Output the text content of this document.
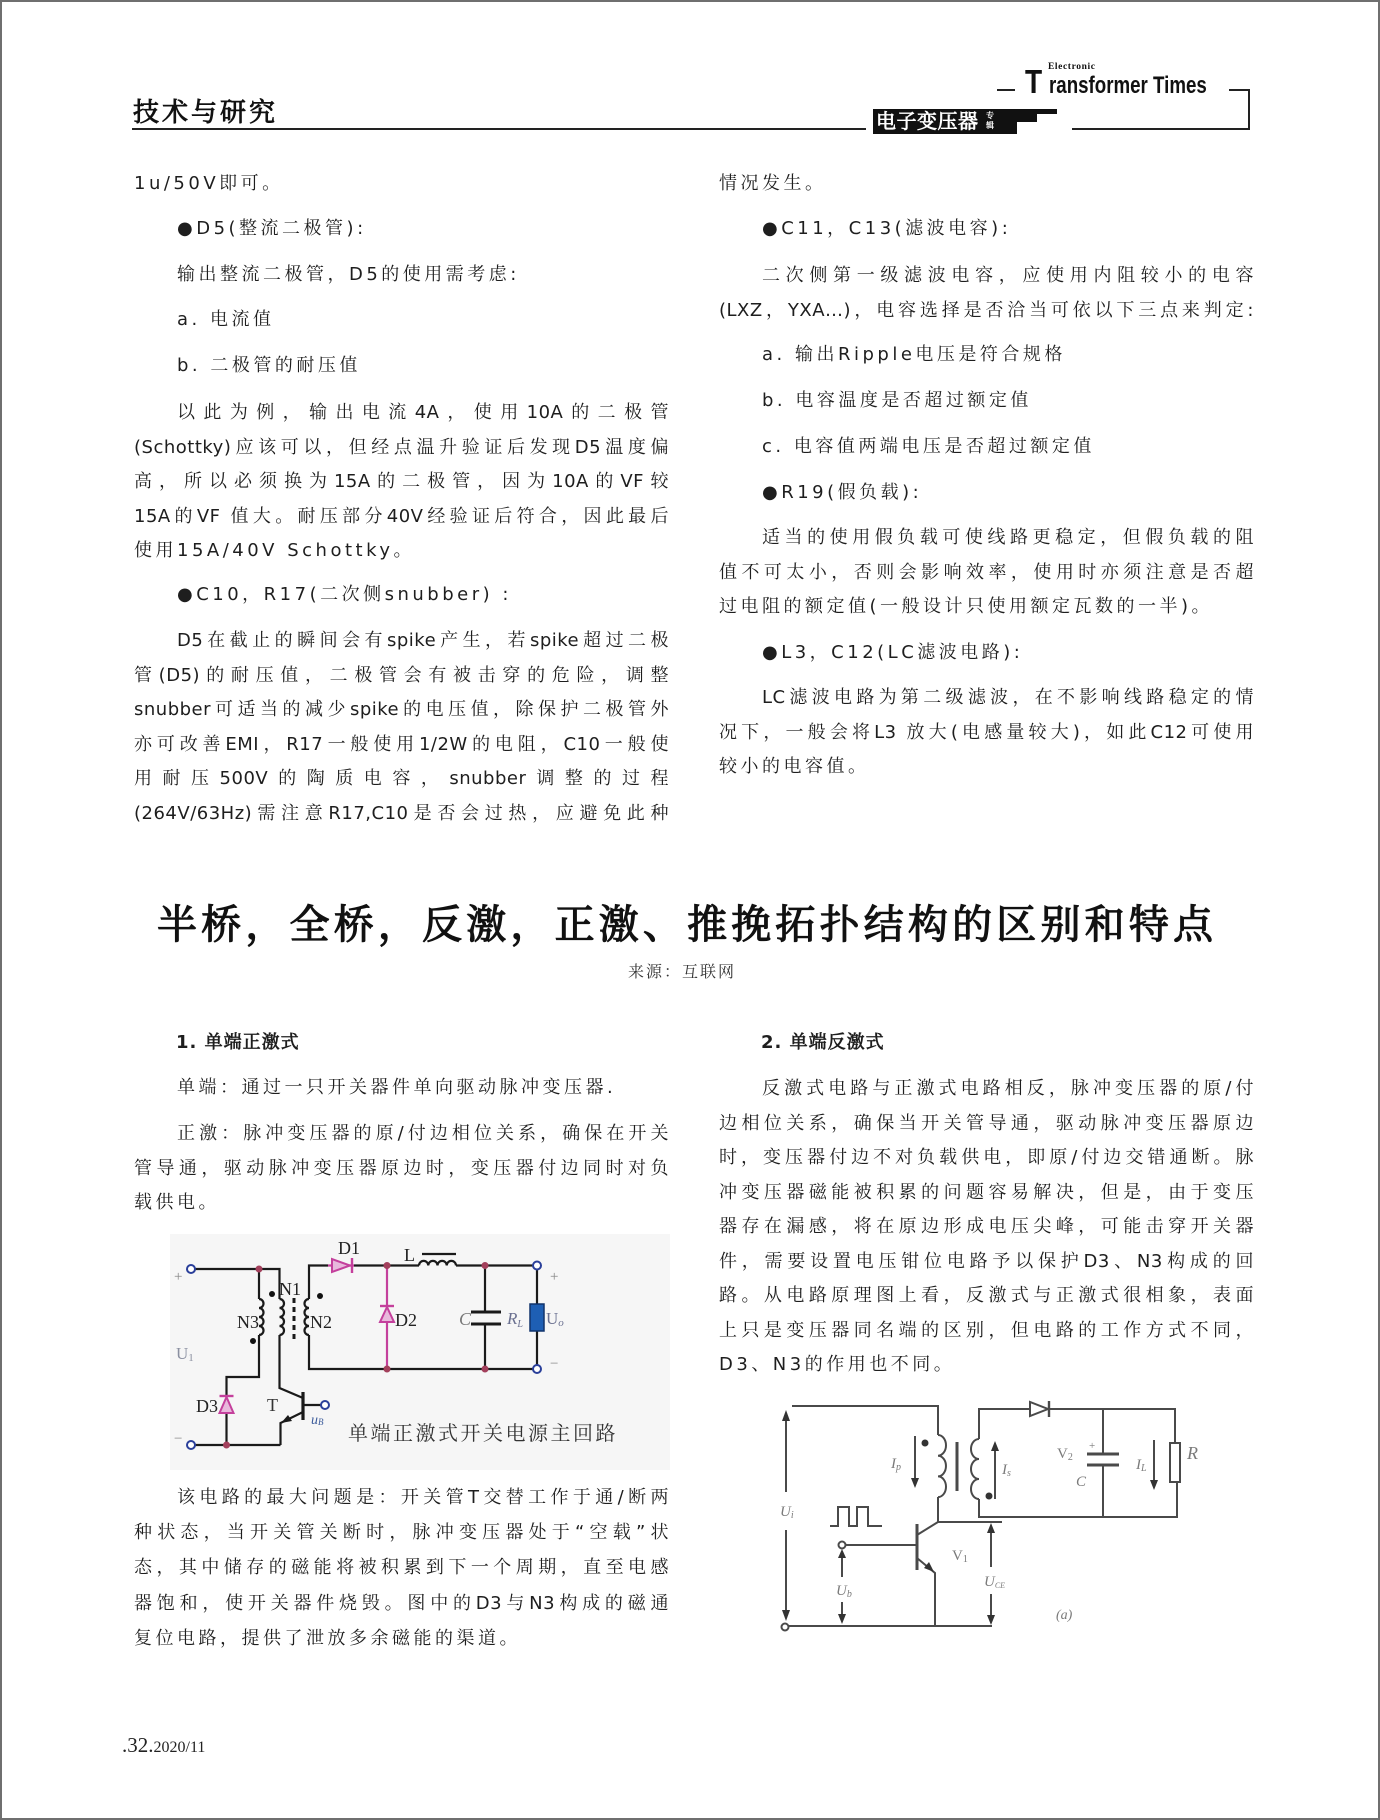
技术与研究	电子变压器 专
辑
T Electronic
ransformer Times
1u/50V即可。
●D5(整流二极管):
输出整流二极管，D5的使用需考虑:
a. 电流值
b. 二极管的耐压值
以此为例，输出电流4A，使用10A的二极管
(Schottky)应该可以，但经点温升验证后发现D5温度偏
高，所以必须换为15A的二极管，因为10A的VF较
15A的VF 值大。耐压部分40V经验证后符合，因此最后
使用15A/40V Schottky。
●C10，R17(二次侧snubber) :
D5在截止的瞬间会有spike产生，若spike超过二极
管(D5)的耐压值，二极管会有被击穿的危险，调整
snubber可适当的减少spike的电压值，除保护二极管外
亦可改善EMI，R17一般使用1/2W的电阻，C10一般使
用耐压500V的陶质电容，snubber调整的过程
(264V/63Hz)需注意R17,C10是否会过热，应避免此种
情况发生。
●C11，C13(滤波电容):
二次侧第一级滤波电容，应使用内阻较小的电容
(LXZ，YXA…)，电容选择是否洽当可依以下三点来判定:
a. 输出Ripple电压是符合规格
b. 电容温度是否超过额定值
c. 电容值两端电压是否超过额定值
●R19(假负载):
适当的使用假负载可使线路更稳定，但假负载的阻
值不可太小，否则会影响效率，使用时亦须注意是否超
过电阻的额定值(一般设计只使用额定瓦数的一半)。
●L3，C12(LC滤波电路):
LC滤波电路为第二级滤波，在不影响线路稳定的情
况下，一般会将L3 放大(电感量较大)，如此C12可使用
较小的电容值。
半桥，全桥，反激，正激、推挽拓扑结构的区别和特点
来源：互联网
1. 单端正激式
单端：通过一只开关器件单向驱动脉冲变压器.
正激：脉冲变压器的原/付边相位关系，确保在开关
管导通，驱动脉冲变压器原边时，变压器付边同时对负
载供电。
该电路的最大问题是：开关管T交替工作于通/断两
种状态，当开关管关断时，脉冲变压器处于“空载”状
态，其中储存的磁能将被积累到下一个周期，直至电感
器饱和，使开关器件烧毁。图中的D3与N3构成的磁通
复位电路，提供了泄放多余磁能的渠道。
2. 单端反激式
反激式电路与正激式电路相反，脉冲变压器的原/付
边相位关系，确保当开关管导通，驱动脉冲变压器原边
时，变压器付边不对负载供电，即原/付边交错通断。脉
冲变压器磁能被积累的问题容易解决，但是，由于变压
器存在漏感，将在原边形成电压尖峰，可能击穿开关器
件，需要设置电压钳位电路予以保护D3、N3构成的回
路。从电路原理图上看，反激式与正激式很相象，表面
上只是变压器同名端的区别，但电路的工作方式不同，
D3、N3的作用也不同。
D1 L
N1
N3	N2	D2
D3	T
C RL Uo
U1
uB
+
−
+
−
单端正激式开关电源主回路
Ui
Ip	Is
V2
C
+
IL
R
V1
UCE
Ub
(a)
.32.2020/11
